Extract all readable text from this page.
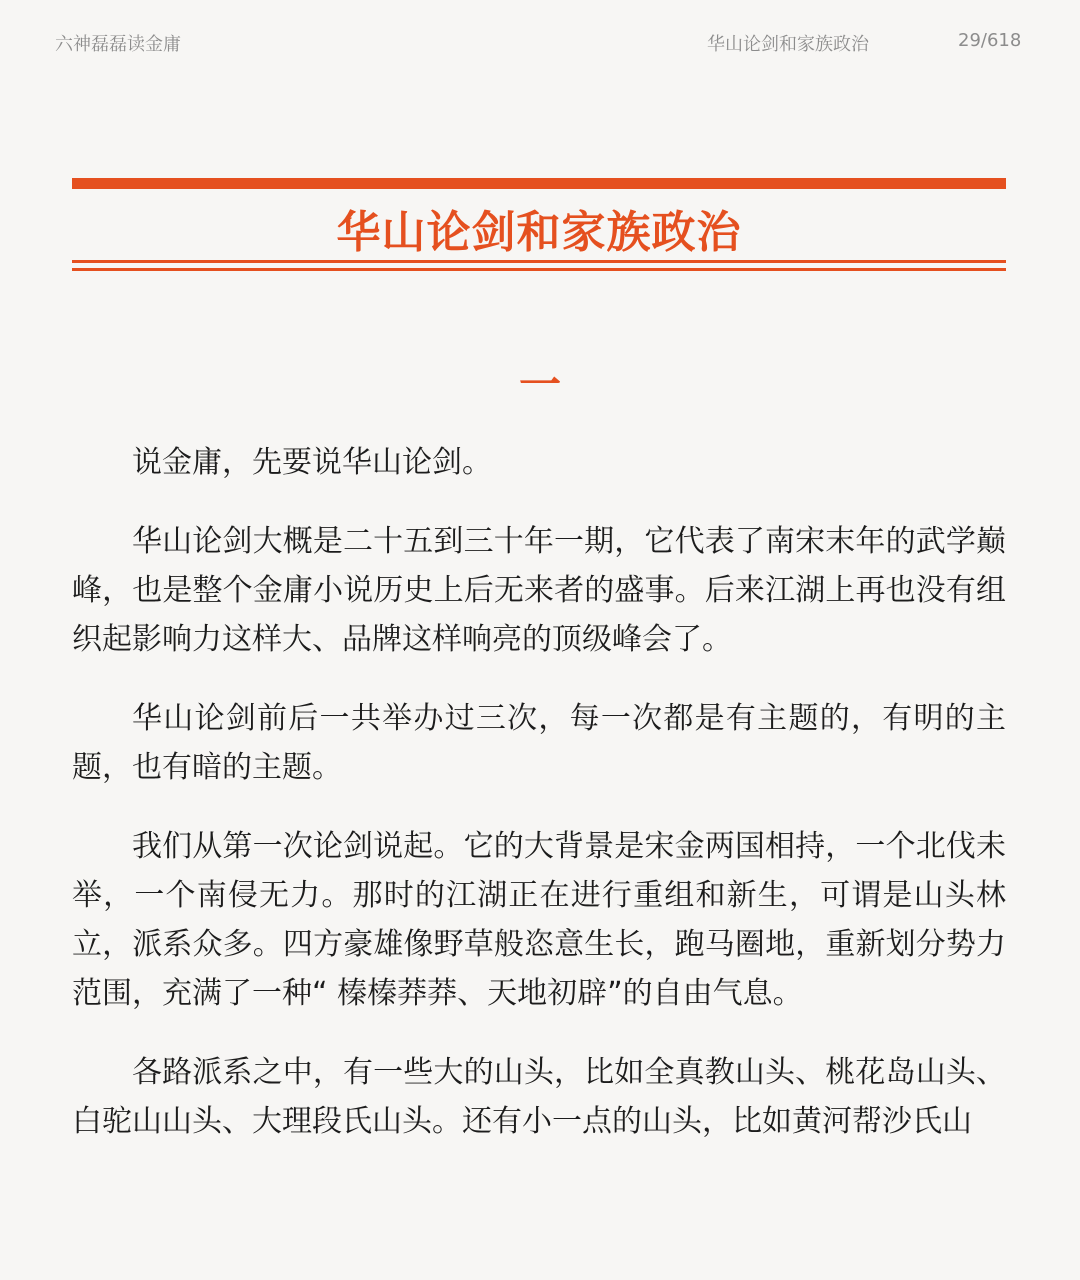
六神磊磊读金庸	华山论剑和家族政治	29/618
华山论剑和家族政治
一

说金庸，先要说华山论剑。

华山论剑大概是二十五到三十年一期，它代表了南宋末年的武学巅峰，也是整个金庸小说历史上后无来者的盛事。后来江湖上再也没有组织起影响力这样大、品牌这样响亮的顶级峰会了。

华山论剑前后一共举办过三次，每一次都是有主题的，有明的主题，也有暗的主题。

我们从第一次论剑说起。它的大背景是宋金两国相持，一个北伐未举，一个南侵无力。那时的江湖正在进行重组和新生，可谓是山头林立，派系众多。四方豪雄像野草般恣意生长，跑马圈地，重新划分势力范围，充满了一种“ 榛榛莽莽、天地初辟”的自由气息。

各路派系之中，有一些大的山头，比如全真教山头、桃花岛山头、白驼山山头、大理段氏山头。还有小一点的山头，比如黄河帮沙氏山
